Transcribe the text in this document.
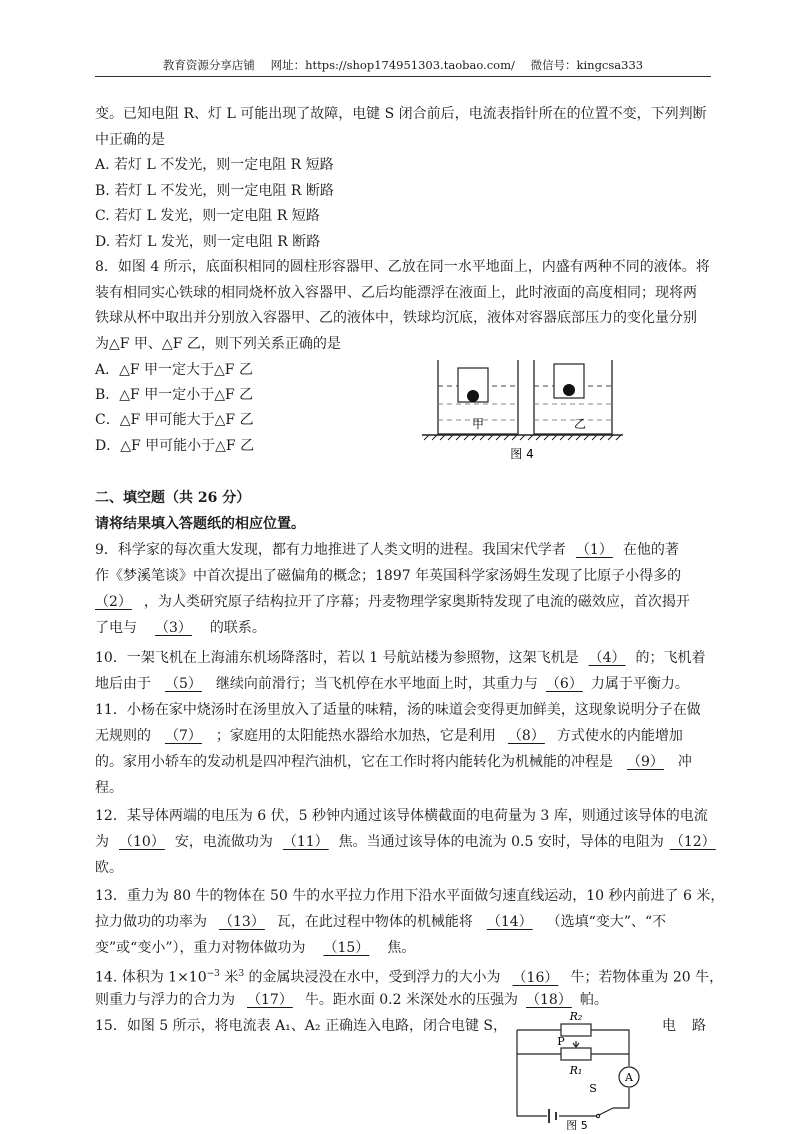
教育资源分享店铺 网址：https://shop174951303.taobao.com/ 微信号：kingcsa333
变。已知电阻 R、灯 L 可能出现了故障，电键 S 闭合前后，电流表指针所在的位置不变，下列判断
中正确的是
A. 若灯 L 不发光，则一定电阻 R 短路
B. 若灯 L 不发光，则一定电阻 R 断路
C. 若灯 L 发光，则一定电阻 R 短路
D. 若灯 L 发光，则一定电阻 R 断路
8．如图 4 所示，底面积相同的圆柱形容器甲、乙放在同一水平地面上，内盛有两种不同的液体。将
装有相同实心铁球的相同烧杯放入容器甲、乙后均能漂浮在液面上，此时液面的高度相同；现将两
铁球从杯中取出并分别放入容器甲、乙的液体中，铁球均沉底，液体对容器底部压力的变化量分别
为△F 甲、△F 乙，则下列关系正确的是
A．△F 甲一定大于△F 乙
B．△F 甲一定小于△F 乙
C．△F 甲可能大于△F 乙
D．△F 甲可能小于△F 乙
甲	乙
图 4
二、填空题（共 26 分）
请将结果填入答题纸的相应位置。
9．科学家的每次重大发现，都有力地推进了人类文明的进程。我国宋代学者 （1） 在他的著
作《梦溪笔谈》中首次提出了磁偏角的概念；1897 年英国科学家汤姆生发现了比原子小得多的
（2） ，为人类研究原子结构拉开了序幕；丹麦物理学家奥斯特发现了电流的磁效应，首次揭开
了电与 （3） 的联系。
10．一架飞机在上海浦东机场降落时，若以 1 号航站楼为参照物，这架飞机是 （4） 的；飞机着
地后由于 （5） 继续向前滑行；当飞机停在水平地面上时，其重力与 （6） 力属于平衡力。
11．小杨在家中烧汤时在汤里放入了适量的味精，汤的味道会变得更加鲜美，这现象说明分子在做
无规则的 （7） ；家庭用的太阳能热水器给水加热，它是利用 （8） 方式使水的内能增加
的。家用小轿车的发动机是四冲程汽油机，它在工作时将内能转化为机械能的冲程是 （9） 冲
程。
12．某导体两端的电压为 6 伏，5 秒钟内通过该导体横截面的电荷量为 3 库，则通过该导体的电流
为 （10） 安，电流做功为 （11） 焦。当通过该导体的电流为 0.5 安时，导体的电阻为 （12）
欧。
13．重力为 80 牛的物体在 50 牛的水平拉力作用下沿水平面做匀速直线运动，10 秒内前进了 6 米，
拉力做功的功率为 （13） 瓦，在此过程中物体的机械能将 （14） （选填“变大”、“不
变”或“变小”），重力对物体做功为 （15） 焦。
14. 体积为 $1\times 10^{-3}$ 米$^3$ 的金属块浸没在水中，受到浮力的大小为 （16） 牛；若物体重为 20 牛，
则重力与浮力的合力为 （17） 牛。距水面 0.2 米深处水的压强为 （18） 帕。
15．如图 5 所示，将电流表 A₁、A₂ 正确连入电路，闭合电键 S，	电 路
R₂
P
R₁
S
A
图 5
